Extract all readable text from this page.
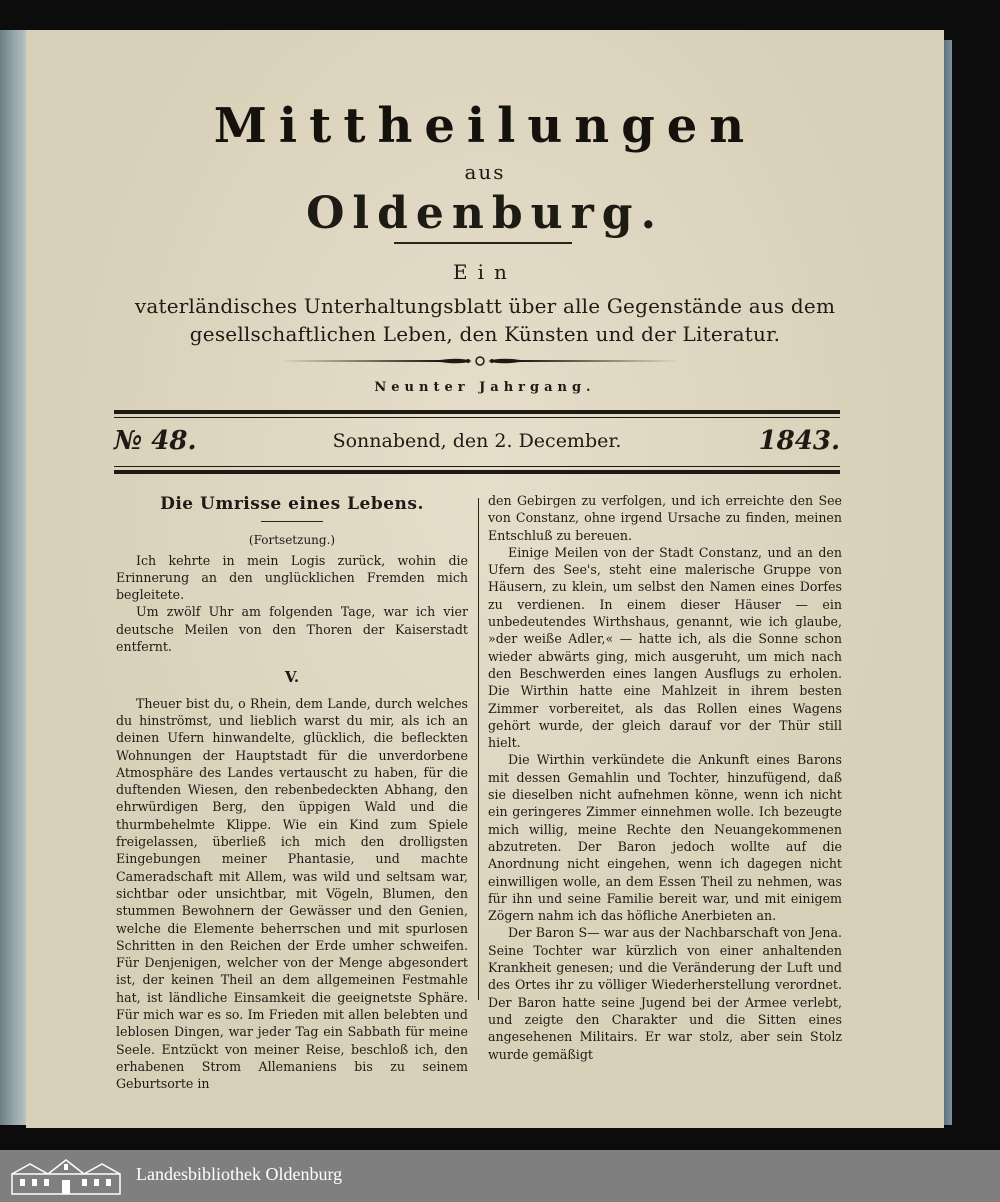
Mittheilungen
aus
Oldenburg.
Ein
vaterländisches Unterhaltungsblatt über alle Gegenstände aus dem gesellschaftlichen Leben, den Künsten und der Literatur.
Neunter Jahrgang.
№ 48.	Sonnabend, den 2. December.	1843.
Die Umrisse eines Lebens.
(Fortsetzung.)

Ich kehrte in mein Logis zurück, wohin die Erinnerung an den unglücklichen Fremden mich begleitete.

Um zwölf Uhr am folgenden Tage, war ich vier deutsche Meilen von den Thoren der Kaiserstadt entfernt.

V.

Theuer bist du, o Rhein, dem Lande, durch welches du hinströmst, und lieblich warst du mir, als ich an deinen Ufern hinwandelte, glücklich, die befleckten Wohnungen der Hauptstadt für die unverdorbene Atmosphäre des Landes vertauscht zu haben, für die duftenden Wiesen, den rebenbedeckten Abhang, den ehrwürdigen Berg, den üppigen Wald und die thurmbehelmte Klippe. Wie ein Kind zum Spiele freigelassen, überließ ich mich den drolligsten Eingebungen meiner Phantasie, und machte Cameradschaft mit Allem, was wild und seltsam war, sichtbar oder unsichtbar, mit Vögeln, Blumen, den stummen Bewohnern der Gewässer und den Genien, welche die Elemente beherrschen und mit spurlosen Schritten in den Reichen der Erde umher schweifen. Für Denjenigen, welcher von der Menge abgesondert ist, der keinen Theil an dem allgemeinen Festmahle hat, ist ländliche Einsamkeit die geeignetste Sphäre. Für mich war es so. Im Frieden mit allen belebten und leblosen Dingen, war jeder Tag ein Sabbath für meine Seele. Entzückt von meiner Reise, beschloß ich, den erhabenen Strom Allemaniens bis zu seinem Geburtsorte in

den Gebirgen zu verfolgen, und ich erreichte den See von Constanz, ohne irgend Ursache zu finden, meinen Entschluß zu bereuen.

Einige Meilen von der Stadt Constanz, und an den Ufern des See's, steht eine malerische Gruppe von Häusern, zu klein, um selbst den Namen eines Dorfes zu verdienen. In einem dieser Häuser — ein unbedeutendes Wirthshaus, genannt, wie ich glaube, »der weiße Adler,« — hatte ich, als die Sonne schon wieder abwärts ging, mich ausgeruht, um mich nach den Beschwerden eines langen Ausflugs zu erholen. Die Wirthin hatte eine Mahlzeit in ihrem besten Zimmer vorbereitet, als das Rollen eines Wagens gehört wurde, der gleich darauf vor der Thür still hielt.

Die Wirthin verkündete die Ankunft eines Barons mit dessen Gemahlin und Tochter, hinzufügend, daß sie dieselben nicht aufnehmen könne, wenn ich nicht ein geringeres Zimmer einnehmen wolle. Ich bezeugte mich willig, meine Rechte den Neuangekommenen abzutreten. Der Baron jedoch wollte auf die Anordnung nicht eingehen, wenn ich dagegen nicht einwilligen wolle, an dem Essen Theil zu nehmen, was für ihn und seine Familie bereit war, und mit einigem Zögern nahm ich das höfliche Anerbieten an.

Der Baron S— war aus der Nachbarschaft von Jena. Seine Tochter war kürzlich von einer anhaltenden Krankheit genesen; und die Veränderung der Luft und des Ortes ihr zu völliger Wiederherstellung verordnet. Der Baron hatte seine Jugend bei der Armee verlebt, und zeigte den Charakter und die Sitten eines angesehenen Militairs. Er war stolz, aber sein Stolz wurde gemäßigt

Landesbibliothek Oldenburg
